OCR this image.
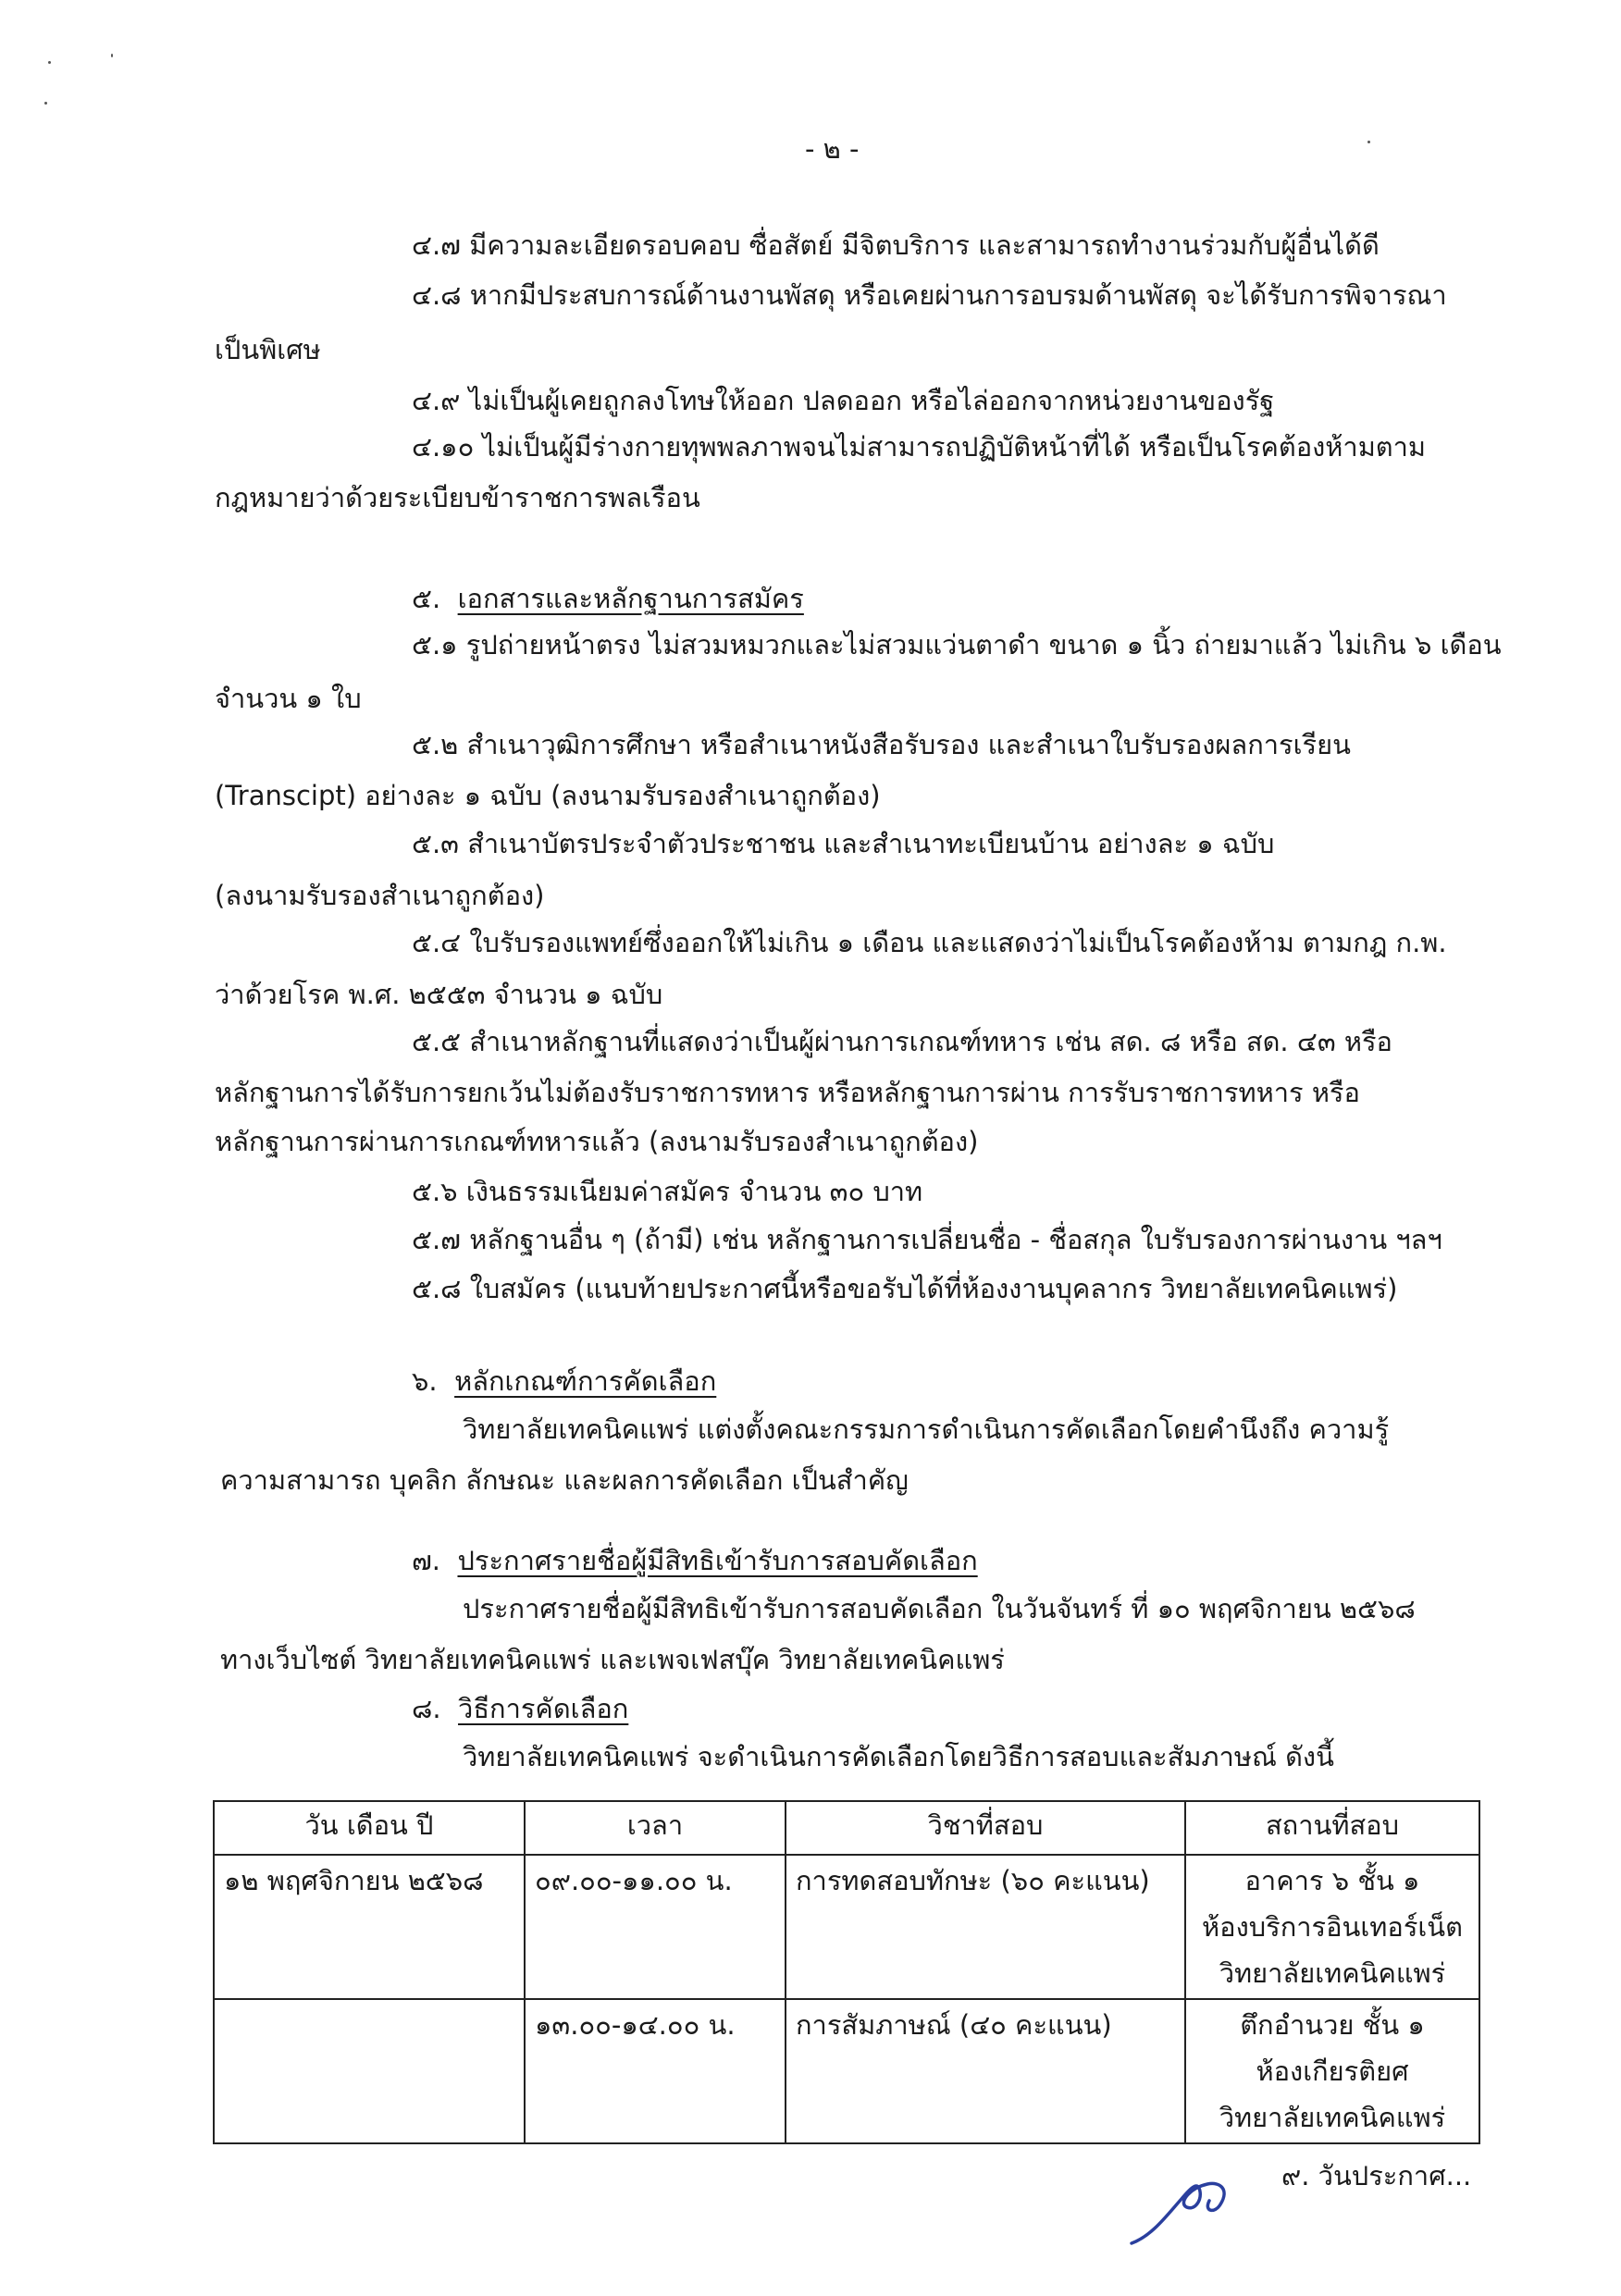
- ๒ -
๔.๗ มีความละเอียดรอบคอบ ซื่อสัตย์ มีจิตบริการ และสามารถทำงานร่วมกับผู้อื่นได้ดี
๔.๘ หากมีประสบการณ์ด้านงานพัสดุ หรือเคยผ่านการอบรมด้านพัสดุ จะได้รับการพิจารณา
เป็นพิเศษ
๔.๙ ไม่เป็นผู้เคยถูกลงโทษให้ออก ปลดออก หรือไล่ออกจากหน่วยงานของรัฐ
๔.๑๐ ไม่เป็นผู้มีร่างกายทุพพลภาพจนไม่สามารถปฏิบัติหน้าที่ได้ หรือเป็นโรคต้องห้ามตาม
กฎหมายว่าด้วยระเบียบข้าราชการพลเรือน
๕. เอกสารและหลักฐานการสมัคร
๕.๑ รูปถ่ายหน้าตรง ไม่สวมหมวกและไม่สวมแว่นตาดำ ขนาด ๑ นิ้ว ถ่ายมาแล้ว ไม่เกิน ๖ เดือน
จำนวน ๑ ใบ
๕.๒ สำเนาวุฒิการศึกษา หรือสำเนาหนังสือรับรอง และสำเนาใบรับรองผลการเรียน
(Transcipt) อย่างละ ๑ ฉบับ (ลงนามรับรองสำเนาถูกต้อง)
๕.๓ สำเนาบัตรประจำตัวประชาชน และสำเนาทะเบียนบ้าน อย่างละ ๑ ฉบับ
(ลงนามรับรองสำเนาถูกต้อง)
๕.๔ ใบรับรองแพทย์ซึ่งออกให้ไม่เกิน ๑ เดือน และแสดงว่าไม่เป็นโรคต้องห้าม ตามกฎ ก.พ.
ว่าด้วยโรค พ.ศ. ๒๕๕๓ จำนวน ๑ ฉบับ
๕.๕ สำเนาหลักฐานที่แสดงว่าเป็นผู้ผ่านการเกณฑ์ทหาร เช่น สด. ๘ หรือ สด. ๔๓ หรือ
หลักฐานการได้รับการยกเว้นไม่ต้องรับราชการทหาร หรือหลักฐานการผ่าน การรับราชการทหาร หรือ
หลักฐานการผ่านการเกณฑ์ทหารแล้ว (ลงนามรับรองสำเนาถูกต้อง)
๕.๖ เงินธรรมเนียมค่าสมัคร จำนวน ๓๐ บาท
๕.๗ หลักฐานอื่น ๆ (ถ้ามี) เช่น หลักฐานการเปลี่ยนชื่อ - ชื่อสกุล ใบรับรองการผ่านงาน ฯลฯ
๕.๘ ใบสมัคร (แนบท้ายประกาศนี้หรือขอรับได้ที่ห้องงานบุคลากร วิทยาลัยเทคนิคแพร่)
๖. หลักเกณฑ์การคัดเลือก
วิทยาลัยเทคนิคแพร่ แต่งตั้งคณะกรรมการดำเนินการคัดเลือกโดยคำนึงถึง ความรู้
ความสามารถ บุคลิก ลักษณะ และผลการคัดเลือก เป็นสำคัญ
๗. ประกาศรายชื่อผู้มีสิทธิเข้ารับการสอบคัดเลือก
ประกาศรายชื่อผู้มีสิทธิเข้ารับการสอบคัดเลือก ในวันจันทร์ ที่ ๑๐ พฤศจิกายน ๒๕๖๘
ทางเว็บไซต์ วิทยาลัยเทคนิคแพร่ และเพจเฟสบุ๊ค วิทยาลัยเทคนิคแพร่
๘. วิธีการคัดเลือก
วิทยาลัยเทคนิคแพร่ จะดำเนินการคัดเลือกโดยวิธีการสอบและสัมภาษณ์ ดังนี้
วัน เดือน ปี	เวลา	วิชาที่สอบ	สถานที่สอบ
๑๒ พฤศจิกายน ๒๕๖๘	๐๙.๐๐-๑๑.๐๐ น.	การทดสอบทักษะ (๖๐ คะแนน)	อาคาร ๖ ชั้น ๑
ห้องบริการอินเทอร์เน็ต
วิทยาลัยเทคนิคแพร่

	๑๓.๐๐-๑๔.๐๐ น.	การสัมภาษณ์ (๔๐ คะแนน)	ตึกอำนวย ชั้น ๑
ห้องเกียรติยศ
วิทยาลัยเทคนิคแพร่
๙. วันประกาศ...
